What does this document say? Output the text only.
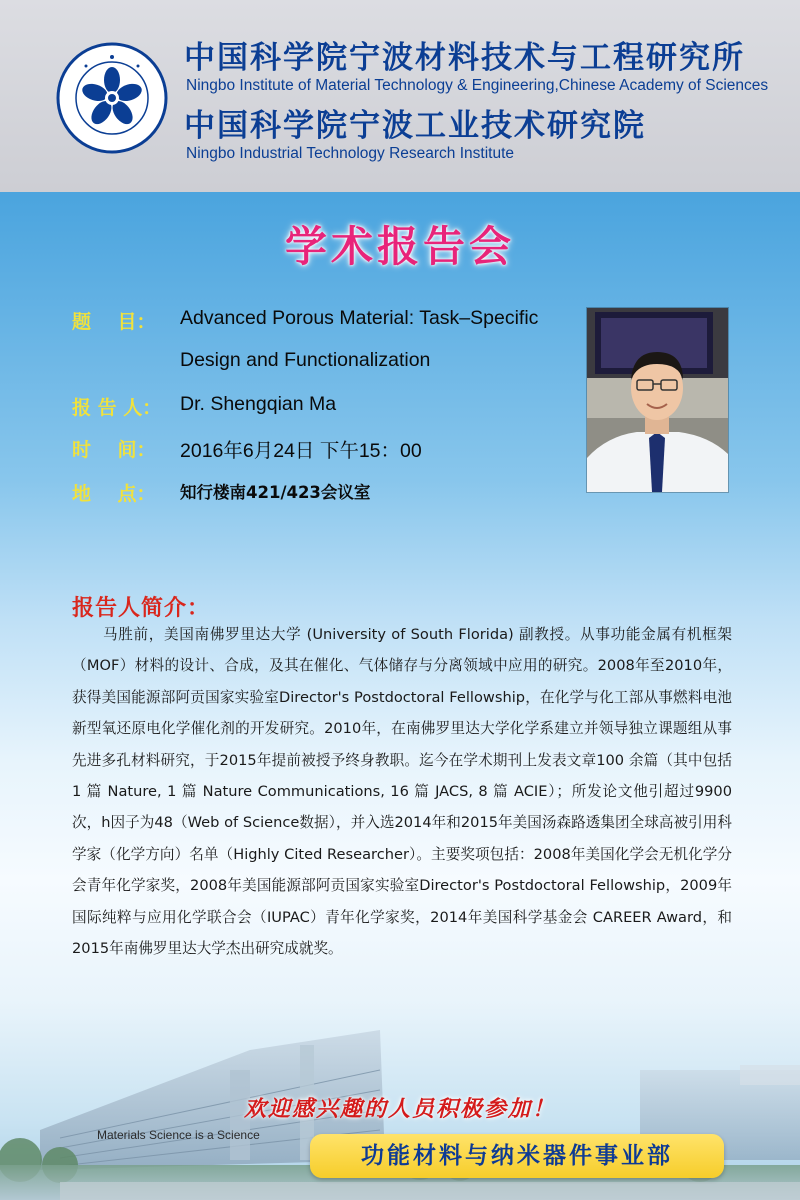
中国科学院宁波材料技术与工程研究所
Ningbo Institute of Material Technology & Engineering,Chinese Academy of Sciences
中国科学院宁波工业技术研究院
Ningbo Industrial Technology Research Institute
学术报告会
题    目： Advanced Porous Material: Task–Specific
Design and Functionalization
报 告 人： Dr. Shengqian Ma
时    间： 2016年6月24日 下午15：00
地    点： 知行楼南421/423会议室
报告人简介：
马胜前，美国南佛罗里达大学 (University of South Florida) 副教授。从事功能金属有机框架（MOF）材料的设计、合成，及其在催化、气体储存与分离领域中应用的研究。2008年至2010年，获得美国能源部阿贡国家实验室Director's Postdoctoral Fellowship，在化学与化工部从事燃料电池新型氧还原电化学催化剂的开发研究。2010年，在南佛罗里达大学化学系建立并领导独立课题组从事先进多孔材料研究，于2015年提前被授予终身教职。迄今在学术期刊上发表文章100 余篇（其中包括1 篇 Nature, 1 篇 Nature Communications, 16 篇 JACS, 8 篇 ACIE）；所发论文他引超过9900次，h因子为48（Web of Science数据），并入选2014年和2015年美国汤森路透集团全球高被引用科学家（化学方向）名单（Highly Cited Researcher）。主要奖项包括：2008年美国化学会无机化学分会青年化学家奖，2008年美国能源部阿贡国家实验室Director's Postdoctoral Fellowship，2009年国际纯粹与应用化学联合会（IUPAC）青年化学家奖，2014年美国科学基金会 CAREER Award，和2015年南佛罗里达大学杰出研究成就奖。
欢迎感兴趣的人员积极参加！
Materials Science is a Science
功能材料与纳米器件事业部
